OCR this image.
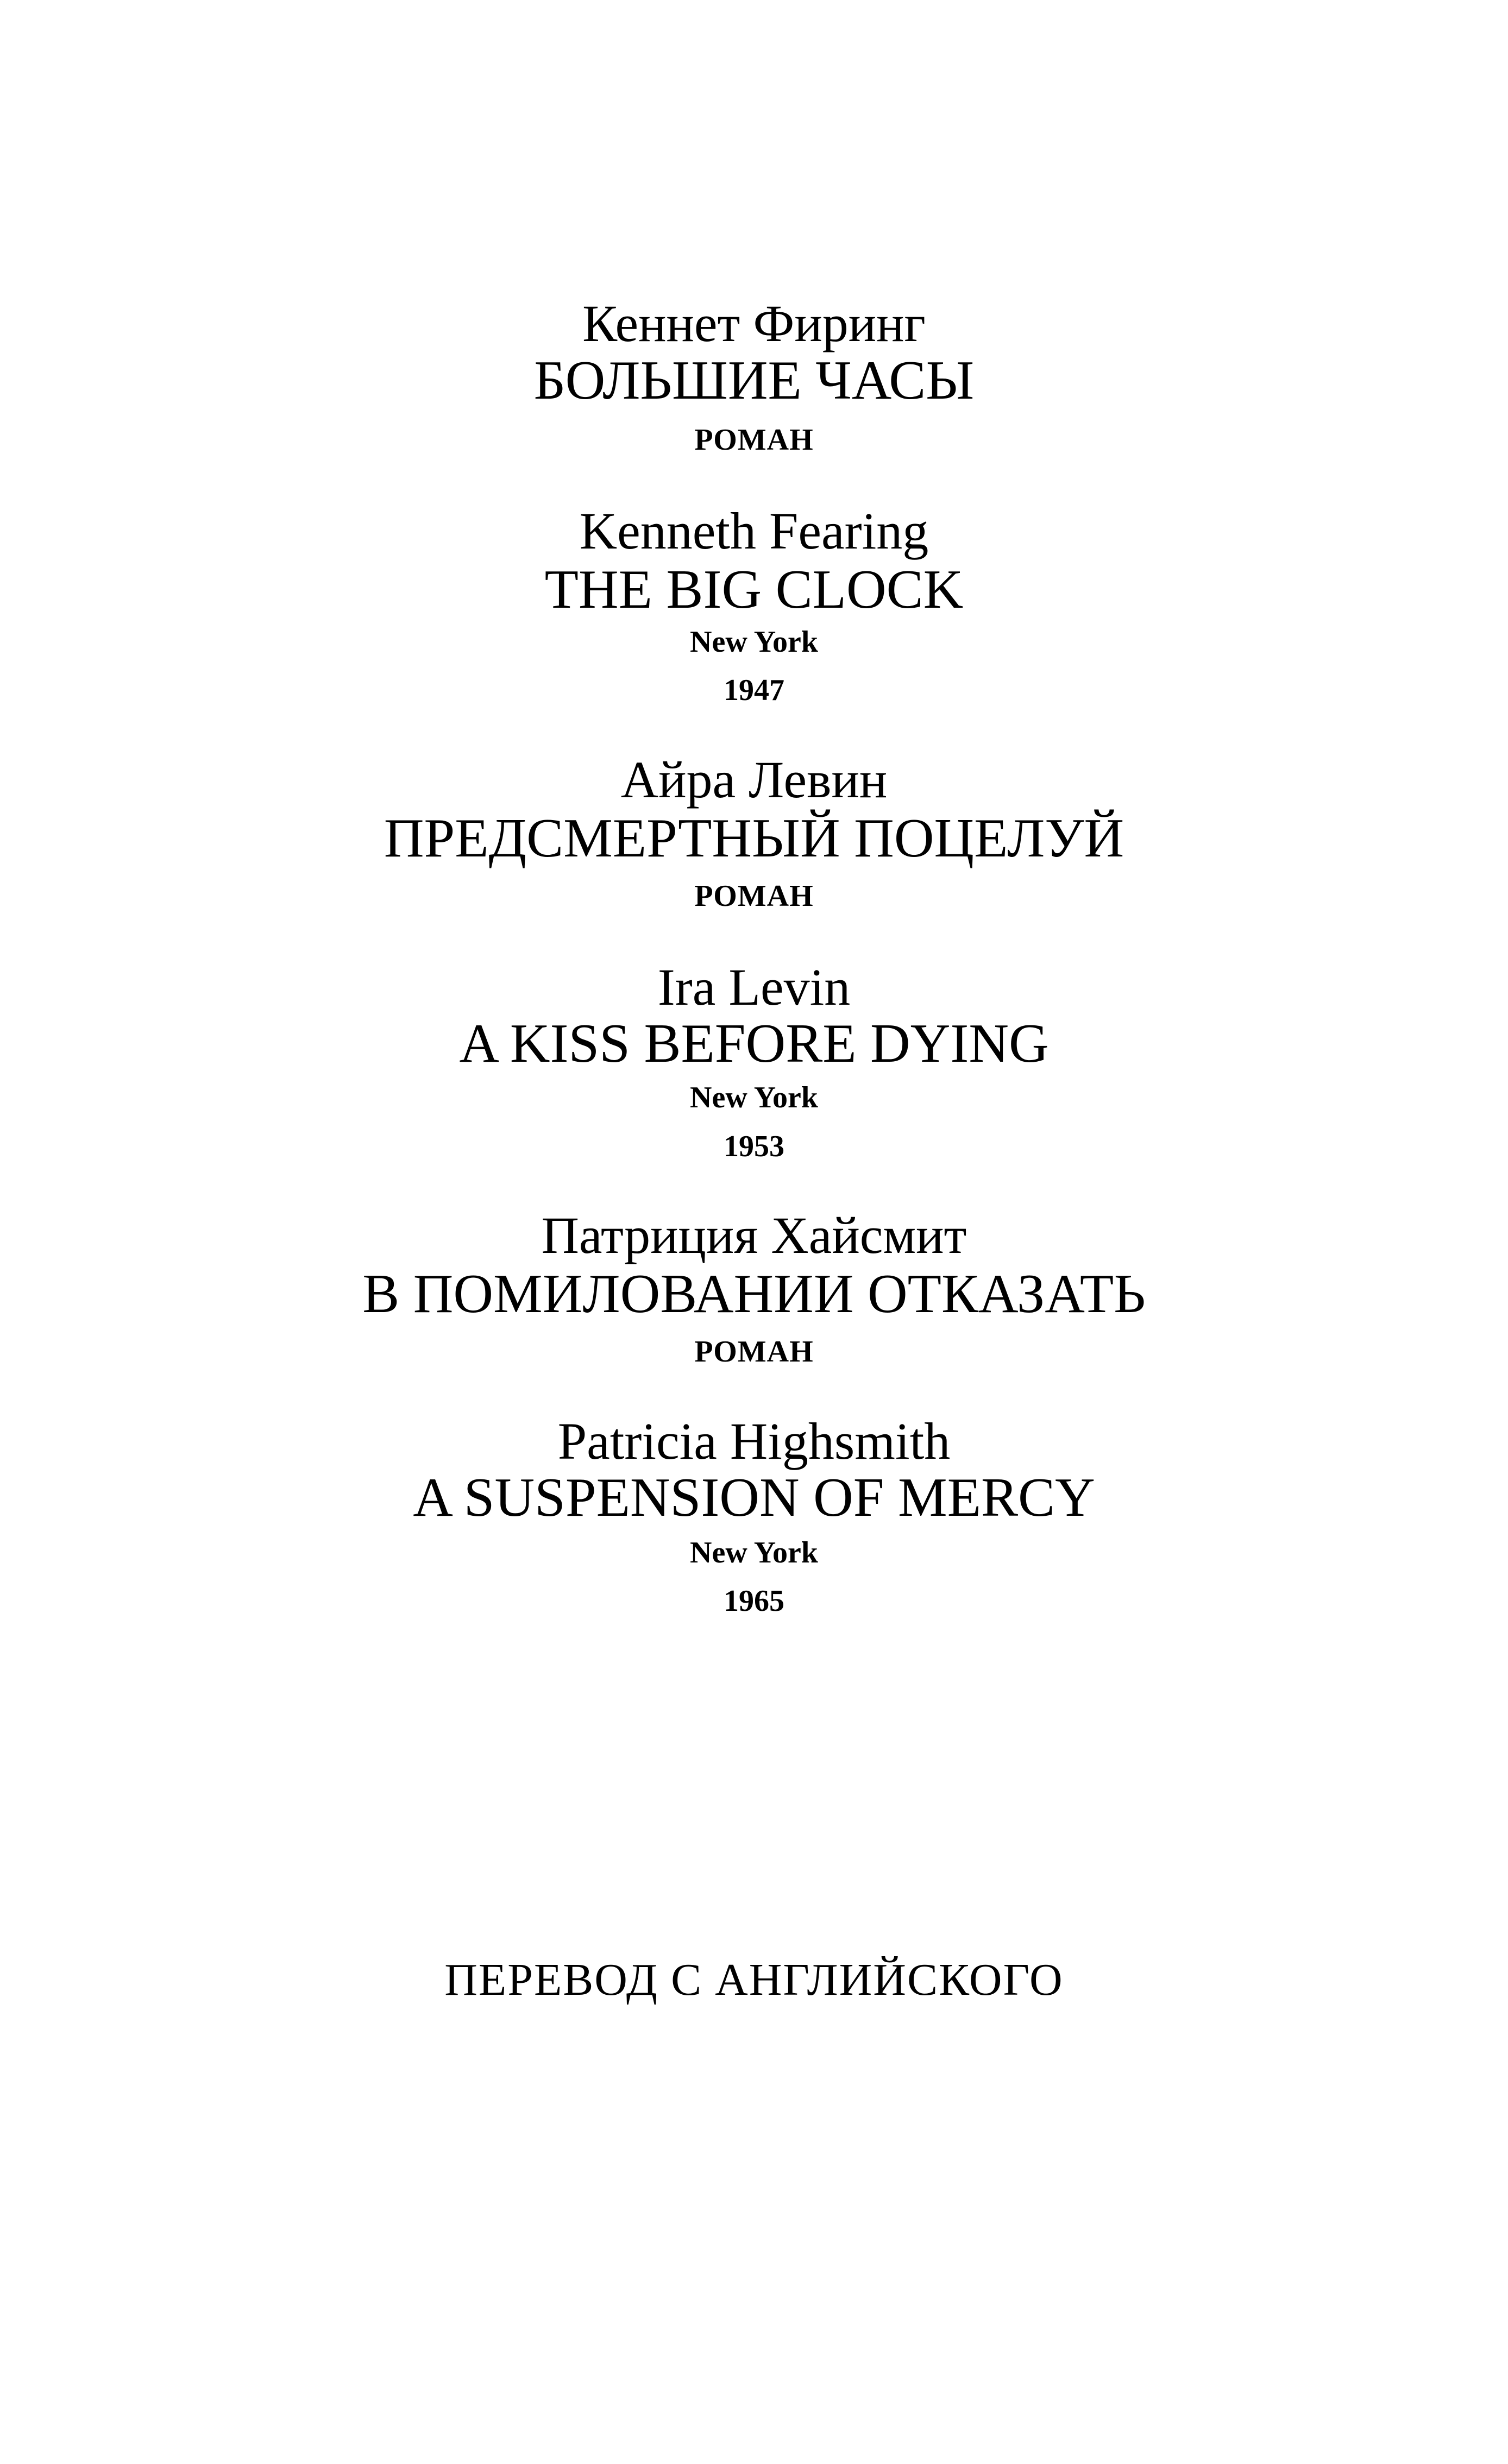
Кеннет Фиринг
БОЛЬШИЕ ЧАСЫ
РОМАН
Kenneth Fearing
THE BIG CLOCK
New York
1947
Айра Левин
ПРЕДСМЕРТНЫЙ ПОЦЕЛУЙ
РОМАН
Ira Levin
A KISS BEFORE DYING
New York
1953
Патриция Хайсмит
В ПОМИЛОВАНИИ ОТКАЗАТЬ
РОМАН
Patricia Highsmith
A SUSPENSION OF MERCY
New York
1965
ПЕРЕВОД С АНГЛИЙСКОГО
